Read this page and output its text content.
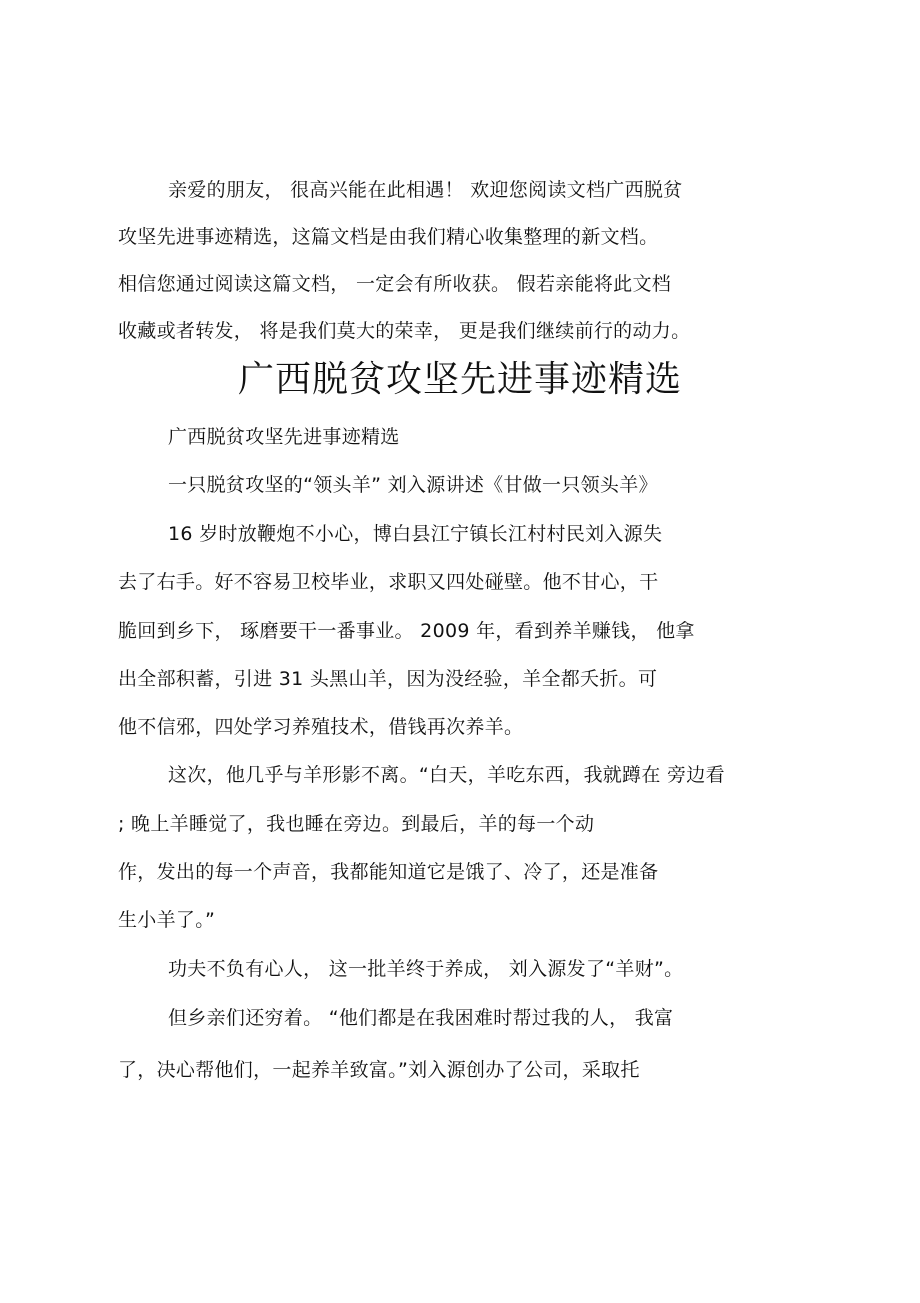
亲爱的朋友， 很高兴能在此相遇！ 欢迎您阅读文档广西脱贫
攻坚先进事迹精选，这篇文档是由我们精心收集整理的新文档。
相信您通过阅读这篇文档， 一定会有所收获。 假若亲能将此文档
收藏或者转发， 将是我们莫大的荣幸， 更是我们继续前行的动力。
广西脱贫攻坚先进事迹精选
广西脱贫攻坚先进事迹精选
一只脱贫攻坚的“领头羊” 刘入源讲述《甘做一只领头羊》
16 岁时放鞭炮不小心，博白县江宁镇长江村村民刘入源失
去了右手。好不容易卫校毕业，求职又四处碰壁。他不甘心，干
脆回到乡下， 琢磨要干一番事业。 2009 年，看到养羊赚钱， 他拿
出全部积蓄，引进 31 头黑山羊，因为没经验，羊全都夭折。可
他不信邪，四处学习养殖技术，借钱再次养羊。
这次，他几乎与羊形影不离。“白天，羊吃东西，我就蹲在 旁边看
; 晚上羊睡觉了，我也睡在旁边。到最后，羊的每一个动
作，发出的每一个声音，我都能知道它是饿了、冷了，还是准备
生小羊了。”
功夫不负有心人， 这一批羊终于养成， 刘入源发了“羊财”。
但乡亲们还穷着。 “他们都是在我困难时帮过我的人， 我富
了，决心帮他们，一起养羊致富。”刘入源创办了公司，采取托
